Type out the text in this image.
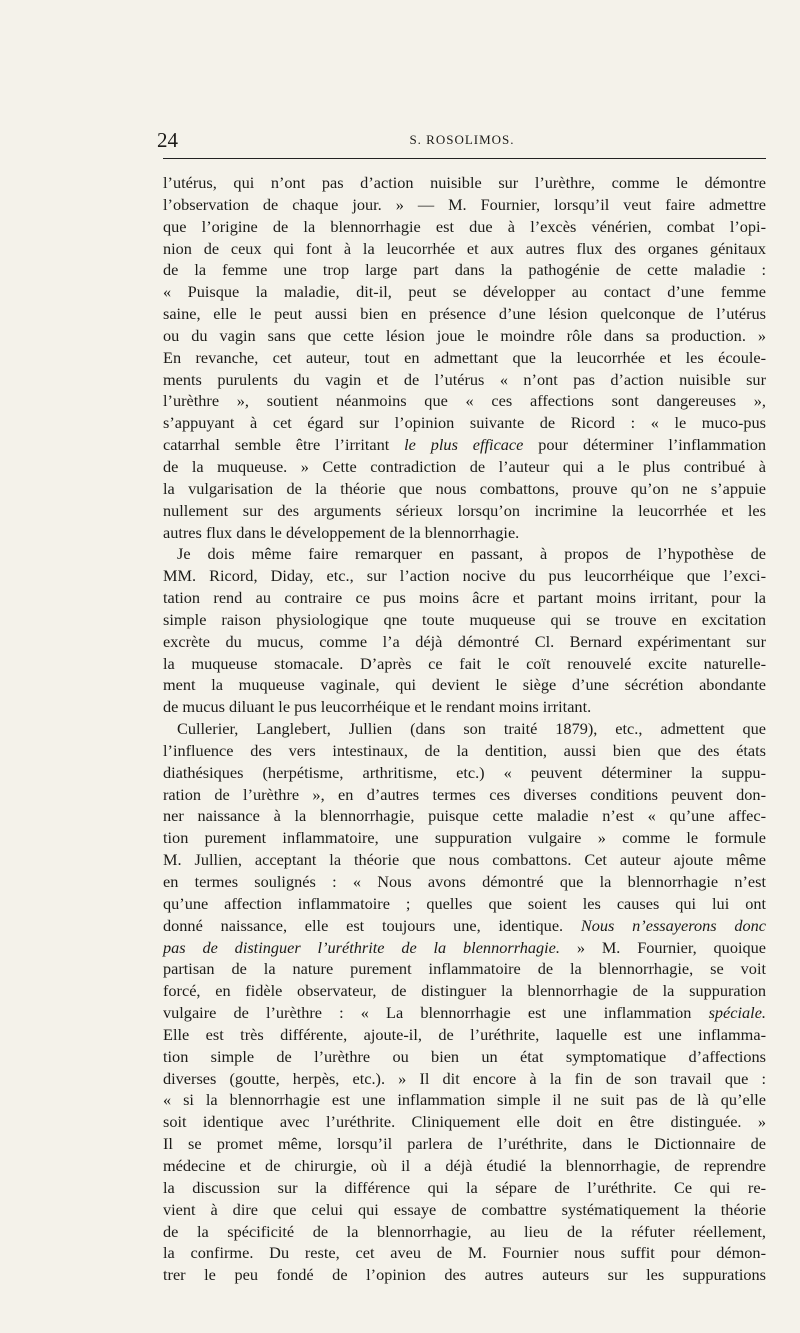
24	S. ROSOLIMOS.
l’utérus, qui n’ont pas d’action nuisible sur l’urèthre, comme le démontre
l’observation de chaque jour. » — M. Fournier, lorsqu’il veut faire admettre
que l’origine de la blennorrhagie est due à l’excès vénérien, combat l’opi-
nion de ceux qui font à la leucorrhée et aux autres flux des organes génitaux
de la femme une trop large part dans la pathogénie de cette maladie :
« Puisque la maladie, dit-il, peut se développer au contact d’une femme
saine, elle le peut aussi bien en présence d’une lésion quelconque de l’utérus
ou du vagin sans que cette lésion joue le moindre rôle dans sa production. »
En revanche, cet auteur, tout en admettant que la leucorrhée et les écoule-
ments purulents du vagin et de l’utérus « n’ont pas d’action nuisible sur
l’urèthre », soutient néanmoins que « ces affections sont dangereuses »,
s’appuyant à cet égard sur l’opinion suivante de Ricord : « le muco-pus
catarrhal semble être l’irritant le plus efficace pour déterminer l’inflammation
de la muqueuse. » Cette contradiction de l’auteur qui a le plus contribué à
la vulgarisation de la théorie que nous combattons, prouve qu’on ne s’appuie
nullement sur des arguments sérieux lorsqu’on incrimine la leucorrhée et les
autres flux dans le développement de la blennorrhagie.
Je dois même faire remarquer en passant, à propos de l’hypothèse de
MM. Ricord, Diday, etc., sur l’action nocive du pus leucorrhéique que l’exci-
tation rend au contraire ce pus moins âcre et partant moins irritant, pour la
simple raison physiologique qne toute muqueuse qui se trouve en excitation
excrète du mucus, comme l’a déjà démontré Cl. Bernard expérimentant sur
la muqueuse stomacale. D’après ce fait le coït renouvelé excite naturelle-
ment la muqueuse vaginale, qui devient le siège d’une sécrétion abondante
de mucus diluant le pus leucorrhéique et le rendant moins irritant.
Cullerier, Langlebert, Jullien (dans son traité 1879), etc., admettent que
l’influence des vers intestinaux, de la dentition, aussi bien que des états
diathésiques (herpétisme, arthritisme, etc.) « peuvent déterminer la suppu-
ration de l’urèthre », en d’autres termes ces diverses conditions peuvent don-
ner naissance à la blennorrhagie, puisque cette maladie n’est « qu’une affec-
tion purement inflammatoire, une suppuration vulgaire » comme le formule
M. Jullien, acceptant la théorie que nous combattons. Cet auteur ajoute même
en termes soulignés : « Nous avons démontré que la blennorrhagie n’est
qu’une affection inflammatoire ; quelles que soient les causes qui lui ont
donné naissance, elle est toujours une, identique. Nous n’essayerons donc
pas de distinguer l’uréthrite de la blennorrhagie. » M. Fournier, quoique
partisan de la nature purement inflammatoire de la blennorrhagie, se voit
forcé, en fidèle observateur, de distinguer la blennorrhagie de la suppuration
vulgaire de l’urèthre : « La blennorrhagie est une inflammation spéciale.
Elle est très différente, ajoute-il, de l’uréthrite, laquelle est une inflamma-
tion simple de l’urèthre ou bien un état symptomatique d’affections
diverses (goutte, herpès, etc.). » Il dit encore à la fin de son travail que :
« si la blennorrhagie est une inflammation simple il ne suit pas de là qu’elle
soit identique avec l’uréthrite. Cliniquement elle doit en être distinguée. »
Il se promet même, lorsqu’il parlera de l’uréthrite, dans le Dictionnaire de
médecine et de chirurgie, où il a déjà étudié la blennorrhagie, de reprendre
la discussion sur la différence qui la sépare de l’uréthrite. Ce qui re-
vient à dire que celui qui essaye de combattre systématiquement la théorie
de la spécificité de la blennorrhagie, au lieu de la réfuter réellement,
la confirme. Du reste, cet aveu de M. Fournier nous suffit pour démon-
trer le peu fondé de l’opinion des autres auteurs sur les suppurations
